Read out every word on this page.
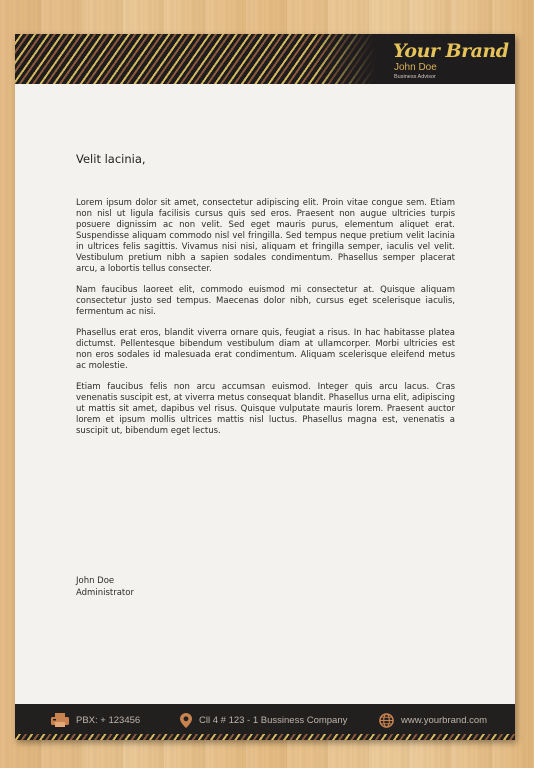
Your Brand
John Doe
Business Advisor
Velit lacinia,

Lorem ipsum dolor sit amet, consectetur adipiscing elit. Proin vitae congue sem. Etiam non nisl ut ligula facilisis cursus quis sed eros. Praesent non augue ultricies turpis posuere dignissim ac non velit. Sed eget mauris purus, elementum aliquet erat. Suspendisse aliquam commodo nisl vel fringilla. Sed tempus neque pretium velit lacinia in ultrices felis sagittis. Vivamus nisi nisi, aliquam et fringilla semper, iaculis vel velit. Vestibulum pretium nibh a sapien sodales condimentum. Phasellus semper placerat arcu, a lobortis tellus consecter.

Nam faucibus laoreet elit, commodo euismod mi consectetur at. Quisque aliquam consectetur justo sed tempus. Maecenas dolor nibh, cursus eget scelerisque iaculis, fermentum ac nisi.

Phasellus erat eros, blandit viverra ornare quis, feugiat a risus. In hac habitasse platea dictumst. Pellentesque bibendum vestibulum diam at ullamcorper. Morbi ultricies est non eros sodales id malesuada erat condimentum. Aliquam scelerisque eleifend metus ac molestie.

Etiam faucibus felis non arcu accumsan euismod. Integer quis arcu lacus. Cras venenatis suscipit est, at viverra metus consequat blandit. Phasellus urna elit, adipiscing ut mattis sit amet, dapibus vel risus. Quisque vulputate mauris lorem. Praesent auctor lorem et ipsum mollis ultrices mattis nisl luctus. Phasellus magna est, venenatis a suscipit ut, bibendum eget lectus.

John Doe
Administrator
PBX: + 123456	Cll 4 # 123 - 1 Bussiness Company	www.yourbrand.com
